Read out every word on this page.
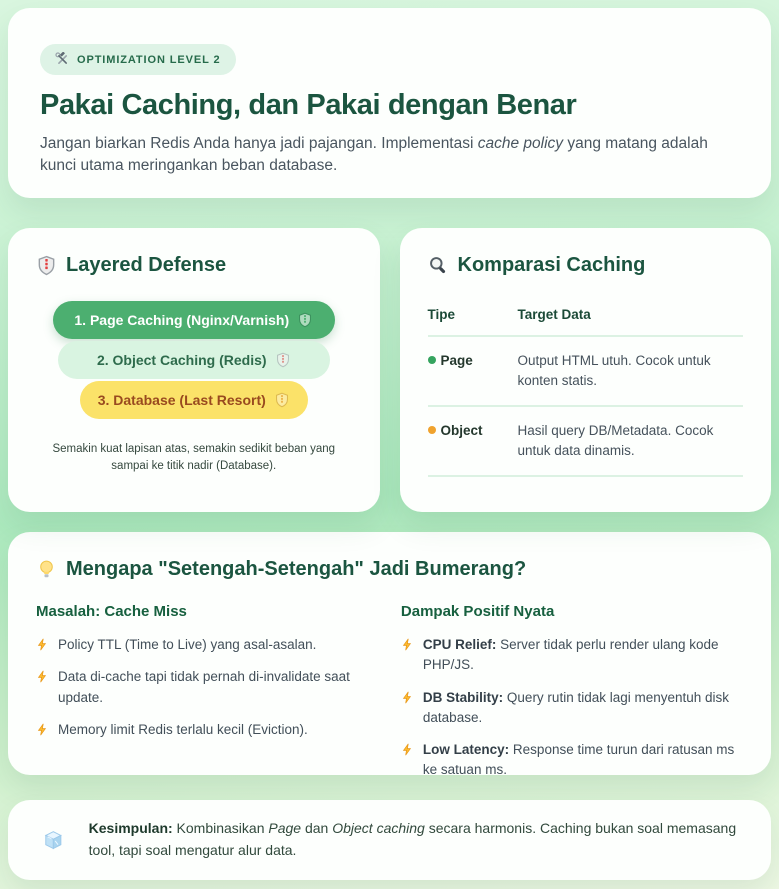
OPTIMIZATION LEVEL 2
Pakai Caching, dan Pakai dengan Benar

Jangan biarkan Redis Anda hanya jadi pajangan. Implementasi cache policy yang matang adalah kunci utama meringankan beban database.

Layered Defense
1. Page Caching (Nginx/Varnish)
2. Object Caching (Redis)
3. Database (Last Resort)

Semakin kuat lapisan atas, semakin sedikit beban yang sampai ke titik nadir (Database).

Komparasi Caching
Tipe	Target Data
Page	Output HTML utuh. Cocok untuk konten statis.
Object	Hasil query DB/Metadata. Cocok untuk data dinamis.
Mengapa "Setengah-Setengah" Jadi Bumerang?
Masalah: Cache Miss
Policy TTL (Time to Live) yang asal-asalan.
Data di-cache tapi tidak pernah di-invalidate saat update.
Memory limit Redis terlalu kecil (Eviction).
Dampak Positif Nyata
CPU Relief: Server tidak perlu render ulang kode PHP/JS.
DB Stability: Query rutin tidak lagi menyentuh disk database.
Low Latency: Response time turun dari ratusan ms ke satuan ms.

Kesimpulan: Kombinasikan Page dan Object caching secara harmonis. Caching bukan soal memasang tool, tapi soal mengatur alur data.
